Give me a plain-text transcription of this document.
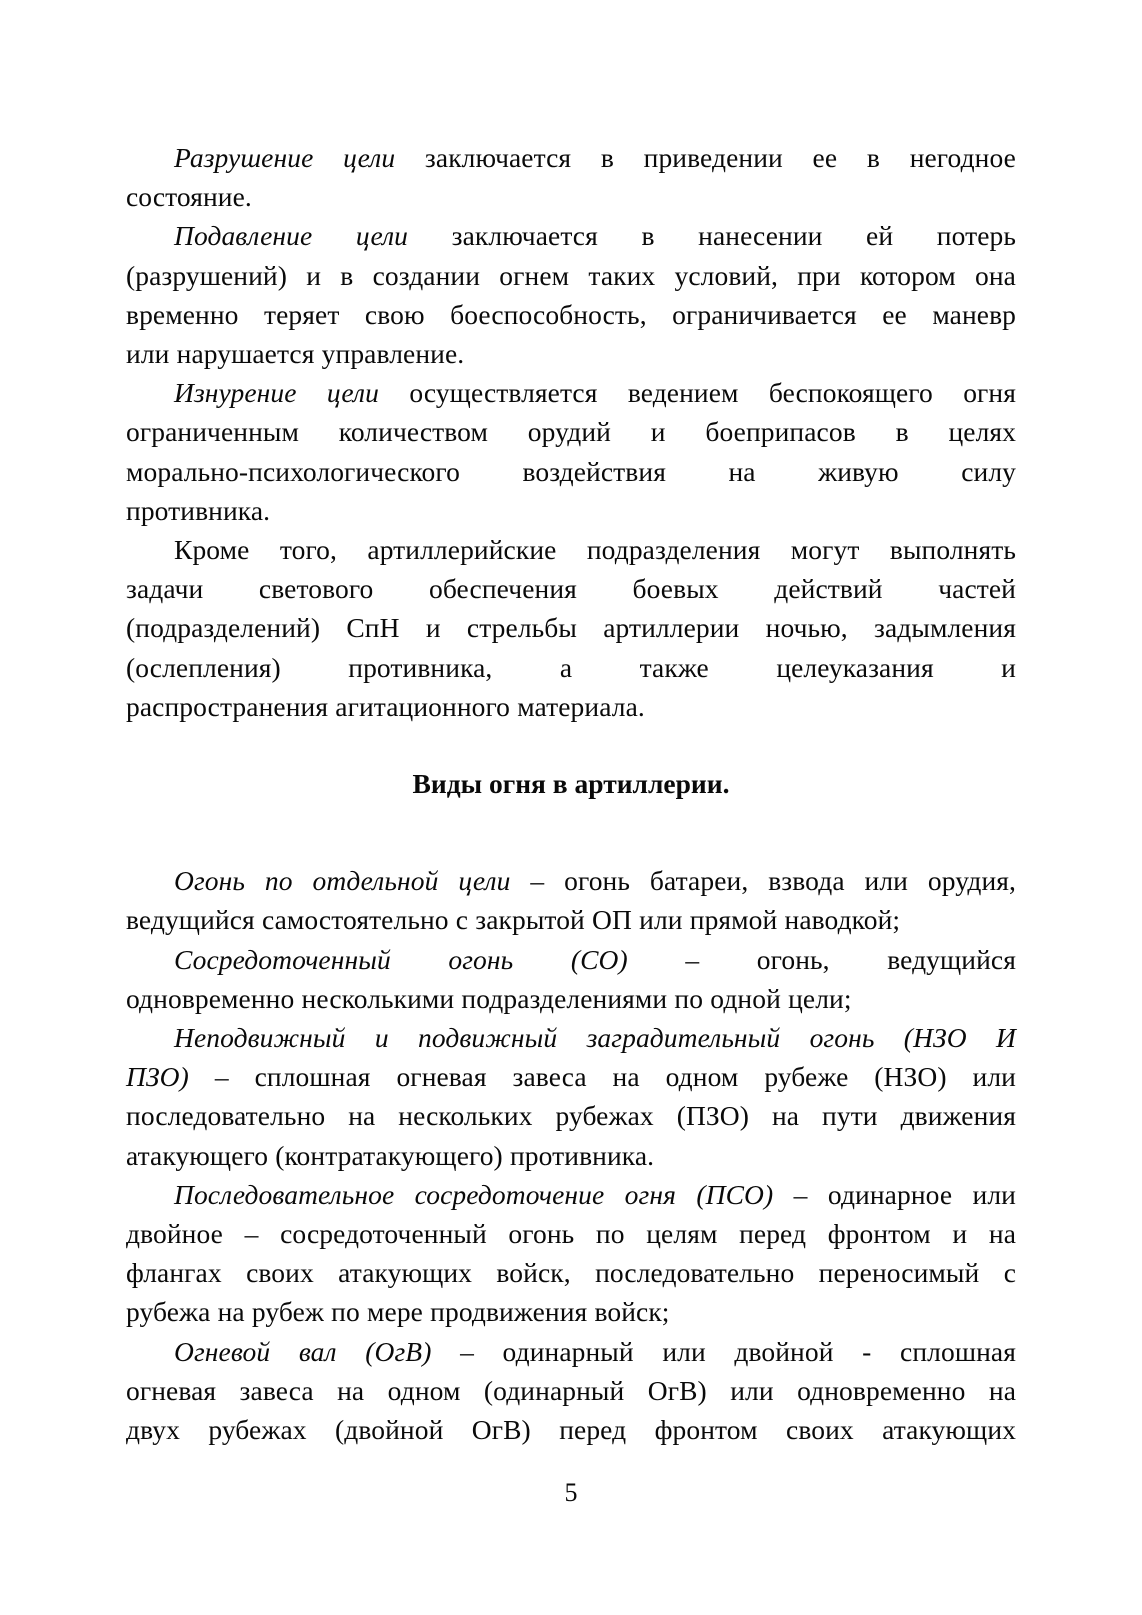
Разрушение цели заключается в приведении ее в негодное
состояние.

Подавление цели заключается в нанесении ей потерь
(разрушений) и в создании огнем таких условий, при котором она
временно теряет свою боеспособность, ограничивается ее маневр
или нарушается управление.

Изнурение цели осуществляется ведением беспокоящего огня
ограниченным количеством орудий и боеприпасов в целях
морально-психологического воздействия на живую силу
противника.

Кроме того, артиллерийские подразделения могут выполнять
задачи светового обеспечения боевых действий частей
(подразделений) СпН и стрельбы артиллерии ночью, задымления
(ослепления) противника, а также целеуказания и
распространения агитационного материала.

Виды огня в артиллерии.

Огонь по отдельной цели – огонь батареи, взвода или орудия,
ведущийся самостоятельно с закрытой ОП или прямой наводкой;

Сосредоточенный огонь (СО) – огонь, ведущийся
одновременно несколькими подразделениями по одной цели;

Неподвижный и подвижный заградительный огонь (НЗО И
ПЗО) – сплошная огневая завеса на одном рубеже (НЗО) или
последовательно на нескольких рубежах (ПЗО) на пути движения
атакующего (контратакующего) противника.

Последовательное сосредоточение огня (ПСО) – одинарное или
двойное – сосредоточенный огонь по целям перед фронтом и на
флангах своих атакующих войск, последовательно переносимый с
рубежа на рубеж по мере продвижения войск;

Огневой вал (ОгВ) – одинарный или двойной - сплошная
огневая завеса на одном (одинарный ОгВ) или одновременно на
двух рубежах (двойной ОгВ) перед фронтом своих атакующих

5
